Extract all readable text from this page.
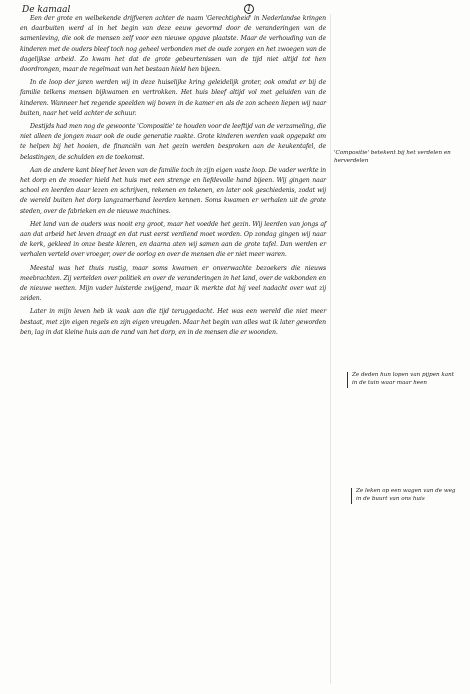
De kamaal	1

Een der grote en welbekende drijfveren achter de naam 'Gerechtigheid' in Nederlandse kringen en daarbuiten werd al in het begin van deze eeuw gevormd door de veranderingen van de samenleving, die ook de mensen zelf voor een nieuwe opgave plaatste. Maar de verhouding van de kinderen met de ouders bleef toch nog geheel verbonden met de oude zorgen en het zwoegen van de dagelijkse arbeid. Zo kwam het dat de grote gebeurtenissen van de tijd niet altijd tot hen doordrongen, maar de regelmaat van het bestaan hield hen bijeen.

In de loop der jaren werden wij in deze huiselijke kring geleidelijk groter, ook omdat er bij de familie telkens mensen bijkwamen en vertrokken. Het huis bleef altijd vol met geluiden van de kinderen. Wanneer het regende speelden wij boven in de kamer en als de zon scheen liepen wij naar buiten, naar het veld achter de schuur.

Destijds had men nog de gewoonte 'Compositie' te houden voor de leeftijd van de verzameling, die niet alleen de jongen maar ook de oude generatie raakte. Grote kinderen werden vaak opgepakt om te helpen bij het hooien, de financiën van het gezin werden besproken aan de keukentafel, de belastingen, de schulden en de toekomst.

Aan de andere kant bleef het leven van de familie toch in zijn eigen vaste loop. De vader werkte in het dorp en de moeder hield het huis met een strenge en liefdevolle hand bijeen. Wij gingen naar school en leerden daar lezen en schrijven, rekenen en tekenen, en later ook geschiedenis, zodat wij de wereld buiten het dorp langzamerhand leerden kennen. Soms kwamen er verhalen uit de grote steden, over de fabrieken en de nieuwe machines.

Het land van de ouders was nooit erg groot, maar het voedde het gezin. Wij leerden van jongs af aan dat arbeid het leven draagt en dat rust eerst verdiend moet worden. Op zondag gingen wij naar de kerk, gekleed in onze beste kleren, en daarna aten wij samen aan de grote tafel. Dan werden er verhalen verteld over vroeger, over de oorlog en over de mensen die er niet meer waren.

Meestal was het thuis rustig, maar soms kwamen er onverwachte bezoekers die nieuws meebrachten. Zij vertelden over politiek en over de veranderingen in het land, over de vakbonden en de nieuwe wetten. Mijn vader luisterde zwijgend, maar ik merkte dat hij veel nadacht over wat zij zeiden.

Later in mijn leven heb ik vaak aan die tijd teruggedacht. Het was een wereld die niet meer bestaat, met zijn eigen regels en zijn eigen vreugden. Maar het begin van alles wat ik later geworden ben, lag in dat kleine huis aan de rand van het dorp, en in de mensen die er woonden.

'Compositie' betekent bij het verdelen en herverdelen
Ze deden hun lopen van pijpen kant in de tuin waar maar heen
Ze leken op een wagen van de weg in de buurt van ons huis
